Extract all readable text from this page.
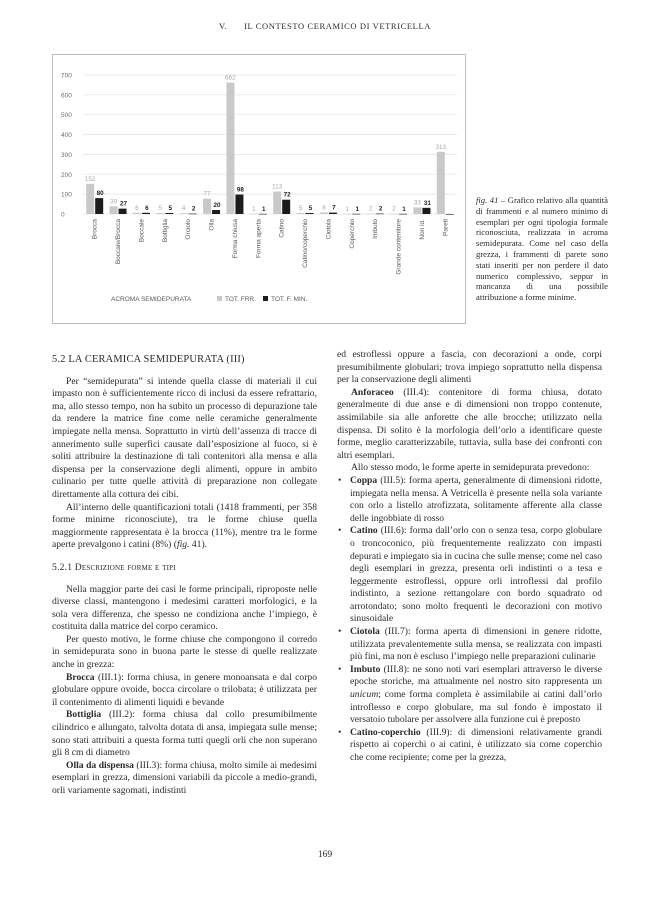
V. IL CONTESTO CERAMICO DI VETRICELLA
0
100
200
300
400
500
600
700
152
80
Brocca
39 27
Boccale/Brocca
6 6
Boccale
5 5
Bottiglia
4 2
Orciolo
77
20
Olla
662
98
Forma chiusa
1 1
Forma aperta
113
72
Catino
5 5
Catino/coperchio
8 7
Ciotola
1 1
Coperchio
2 2
Imbuto
2 1
Grande contenitore
33 31
Non id.
313
Pareti
ACROMA SEMIDEPURATA	TOT. FRR. TOT. F. MIN.
fig. 41 – Grafico relativo alla quantità di frammenti e al numero minimo di esemplari per ogni tipologia formale riconosciuta, realizzata in acroma semidepurata. Come nel caso della grezza, i frammenti di parete sono stati inseriti per non perdere il dato numerico complessivo, seppur in mancanza di una possibile attribuzione a forme minime.
5.2 LA CERAMICA SEMIDEPURATA (III)

Per “semidepurata” si intende quella classe di materiali il cui impasto non è sufficientemente ricco di inclusi da essere refrattario, ma, allo stesso tempo, non ha subito un processo di depurazione tale da rendere la matrice fine come nelle ceramiche generalmente impiegate nella mensa. Soprattutto in virtù dell’assenza di tracce di annerimento sulle superfici causate dall’esposizione al fuoco, si è soliti attribuire la destinazione di tali contenitori alla mensa e alla dispensa per la conservazione degli alimenti, oppure in ambito culinario per tutte quelle attività di preparazione non collegate direttamente alla cottura dei cibi.

All’interno delle quantificazioni totali (1418 frammenti, per 358 forme minime riconosciute), tra le forme chiuse quella maggiormente rappresentata è la brocca (11%), mentre tra le forme aperte prevalgono i catini (8%) (fig. 41).

5.2.1 Descrizione forme e tipi

Nella maggior parte dei casi le forme principali, riproposte nelle diverse classi, mantengono i medesimi caratteri morfologici, e la sola vera differenza, che spesso ne condiziona anche l’impiego, è costituita dalla matrice del corpo ceramico.

Per questo motivo, le forme chiuse che compongono il corredo in semidepurata sono in buona parte le stesse di quelle realizzate anche in grezza:

Brocca (III.1): forma chiusa, in genere monoansata e dal corpo globulare oppure ovoide, bocca circolare o trilobata; è utilizzata per il contenimento di alimenti liquidi e bevande

Bottiglia (III.2): forma chiusa dal collo presumibilmente cilindrico e allungato, talvolta dotata di ansa, impiegata sulle mense; sono stati attribuiti a questa forma tutti quegli orli che non superano gli 8 cm di diametro

Olla da dispensa (III.3): forma chiusa, molto simile ai medesimi esemplari in grezza, dimensioni variabili da piccole a medio-grandi, orli variamente sagomati, indistinti

ed estroflessi oppure a fascia, con decorazioni a onde, corpi presumibilmente globulari; trova impiego soprattutto nella dispensa per la conservazione degli alimenti

Anforaceo (III.4): contenitore di forma chiusa, dotato generalmente di due anse e di dimensioni non troppo contenute, assimilabile sia alle anforette che alle brocche; utilizzato nella dispensa. Di solito è la morfologia dell’orlo a identificare queste forme, meglio caratterizzabile, tuttavia, sulla base dei confronti con altri esemplari.

Allo stesso modo, le forme aperte in semidepurata prevedono:

• Coppa (III.5): forma aperta, generalmente di dimensioni ridotte, impiegata nella mensa. A Vetricella è presente nella sola variante con orlo a listello atrofizzata, solitamente afferente alla classe delle ingobbiate di rosso
• Catino (III.6): forma dall’orlo con o senza tesa, corpo globulare o troncoconico, più frequentemente realizzato con impasti depurati e impiegato sia in cucina che sulle mense; come nel caso degli esemplari in grezza, presenta orli indistinti o a tesa e leggermente estroflessi, oppure orli introflessi dal profilo indistinto, a sezione rettangolare con bordo squadrato od arrotondato; sono molto frequenti le decorazioni con motivo sinusoidale
• Ciotola (III.7): forma aperta di dimensioni in genere ridotte, utilizzata prevalentemente sulla mensa, se realizzata con impasti più fini, ma non è escluso l’impiego nelle preparazioni culinarie
• Imbuto (III.8): ne sono noti vari esemplari attraverso le diverse epoche storiche, ma attualmente nel nostro sito rappresenta un unicum; come forma completa è assimilabile ai catini dall’orlo introflesso e corpo globulare, ma sul fondo è impostato il versatoio tubolare per assolvere alla funzione cui è preposto
• Catino-coperchio (III.9): di dimensioni relativamente grandi rispetto ai coperchi o ai catini, è utilizzato sia come coperchio che come recipiente; come per la grezza,
169
